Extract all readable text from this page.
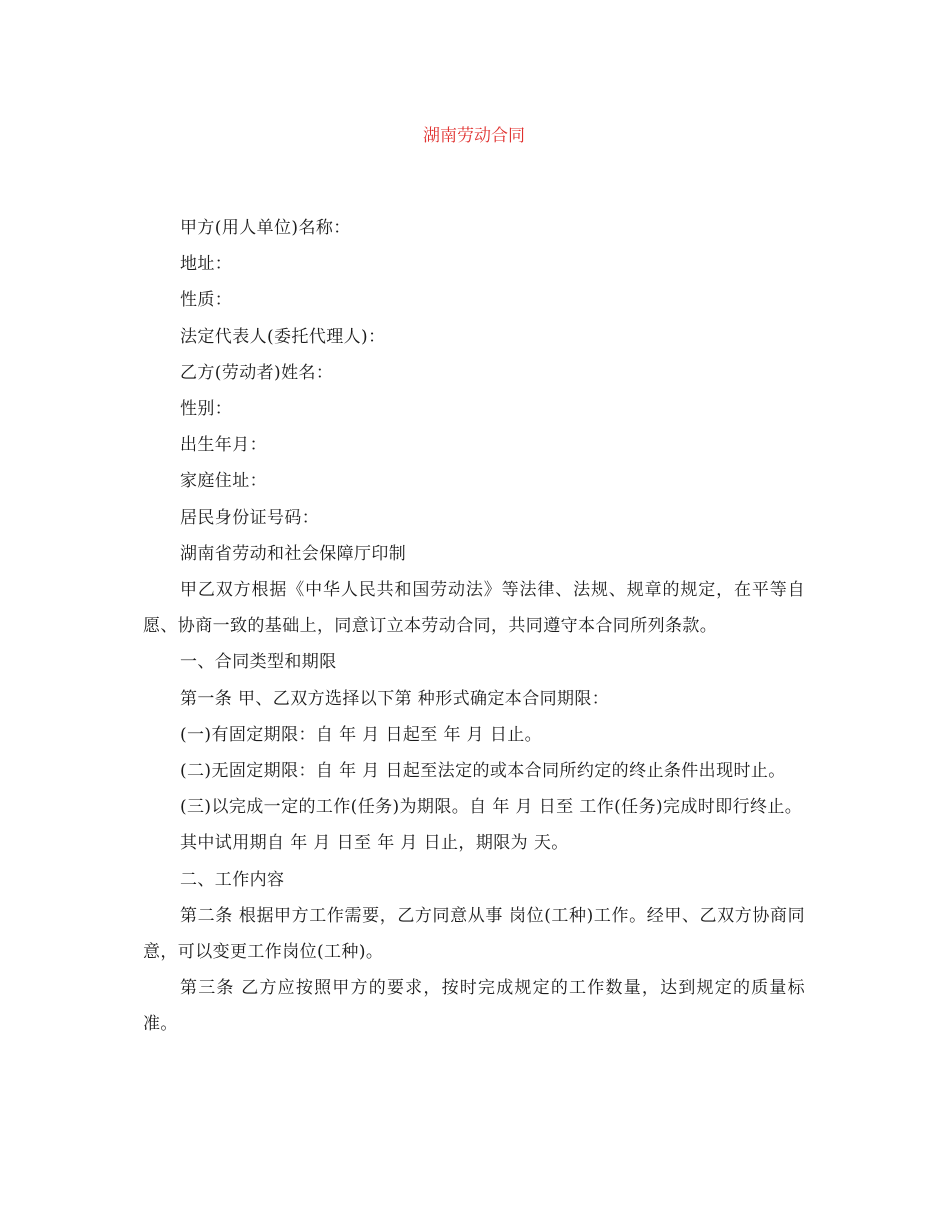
湖南劳动合同

甲方(用人单位)名称：

地址：

性质：

法定代表人(委托代理人)：

乙方(劳动者)姓名：

性别：

出生年月：

家庭住址：

居民身份证号码：

湖南省劳动和社会保障厅印制

甲乙双方根据《中华人民共和国劳动法》等法律、法规、规章的规定，在平等自愿、协商一致的基础上，同意订立本劳动合同，共同遵守本合同所列条款。

一、合同类型和期限

第一条 甲、乙双方选择以下第 种形式确定本合同期限：

(一)有固定期限：自 年 月 日起至 年 月 日止。

(二)无固定期限：自 年 月 日起至法定的或本合同所约定的终止条件出现时止。

(三)以完成一定的工作(任务)为期限。自 年 月 日至 工作(任务)完成时即行终止。

其中试用期自 年 月 日至 年 月 日止，期限为 天。

二、工作内容

第二条 根据甲方工作需要，乙方同意从事 岗位(工种)工作。经甲、乙双方协商同意，可以变更工作岗位(工种)。

第三条 乙方应按照甲方的要求，按时完成规定的工作数量，达到规定的质量标准。
